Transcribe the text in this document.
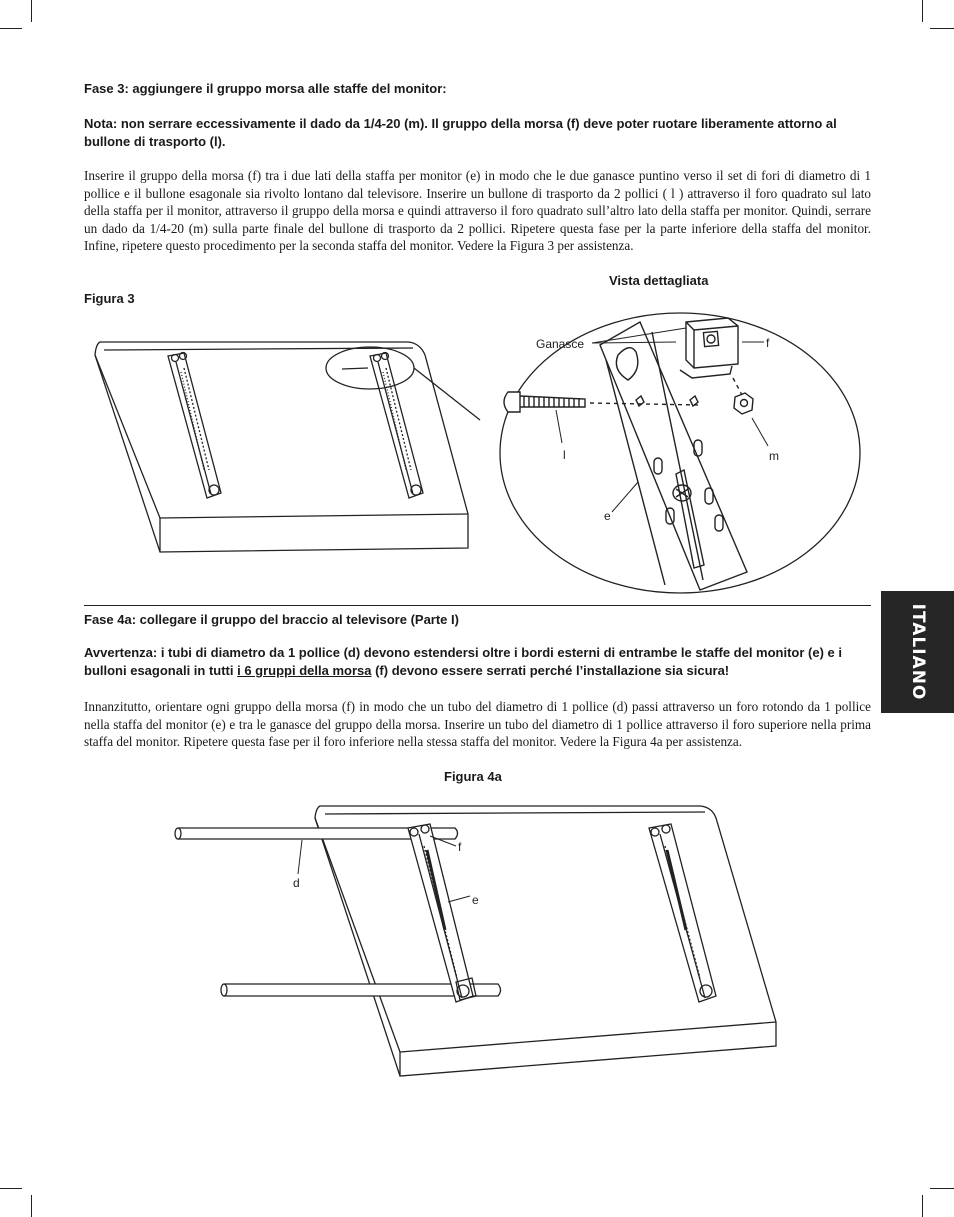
Fase 3: aggiungere il gruppo morsa alle staffe del monitor:

Nota: non serrare eccessivamente il dado da 1/4-20 (m). Il gruppo della morsa (f) deve poter ruotare liberamente attorno al bullone di trasporto (l).

Inserire il gruppo della morsa (f) tra i due lati della staffa per monitor (e) in modo che le due ganasce puntino verso il set di fori di diametro di 1 pollice e il bullone esagonale sia rivolto lontano dal televisore. Inserire un bullone di trasporto da 2 pollici ( l ) attraverso il foro quadrato sul lato della staffa per il monitor, attraverso il gruppo della morsa e quindi attraverso il foro quadrato sull’altro lato della staffa per monitor. Quindi, serrare un dado da 1/4-20 (m) sulla parte finale del bullone di trasporto da 2 pollici. Ripetere questa fase per la parte inferiore della staffa del monitor. Infine, ripetere questo procedimento per la seconda staffa del monitor. Vedere la Figura 3 per assistenza.

Figura 3

Vista dettagliata

Ganasce	f
l	m
e

Fase 4a: collegare il gruppo del braccio al televisore (Parte I)

Avvertenza: i tubi di diametro da 1 pollice (d) devono estendersi oltre i bordi esterni di entrambe le staffe del monitor (e) e i bulloni esagonali in tutti i 6 gruppi della morsa (f) devono essere serrati perché l’installazione sia sicura!

Innanzitutto, orientare ogni gruppo della morsa (f) in modo che un tubo del diametro di 1 pollice (d) passi attraverso un foro rotondo da 1 pollice nella staffa del monitor (e) e tra le ganasce del gruppo della morsa. Inserire un tubo del diametro di 1 pollice attraverso il foro superiore nella prima staffa del monitor. Ripetere questa fase per il foro inferiore nella stessa staffa del monitor. Vedere la Figura 4a per assistenza.

Figura 4a

f
d
e
ITALIANO
